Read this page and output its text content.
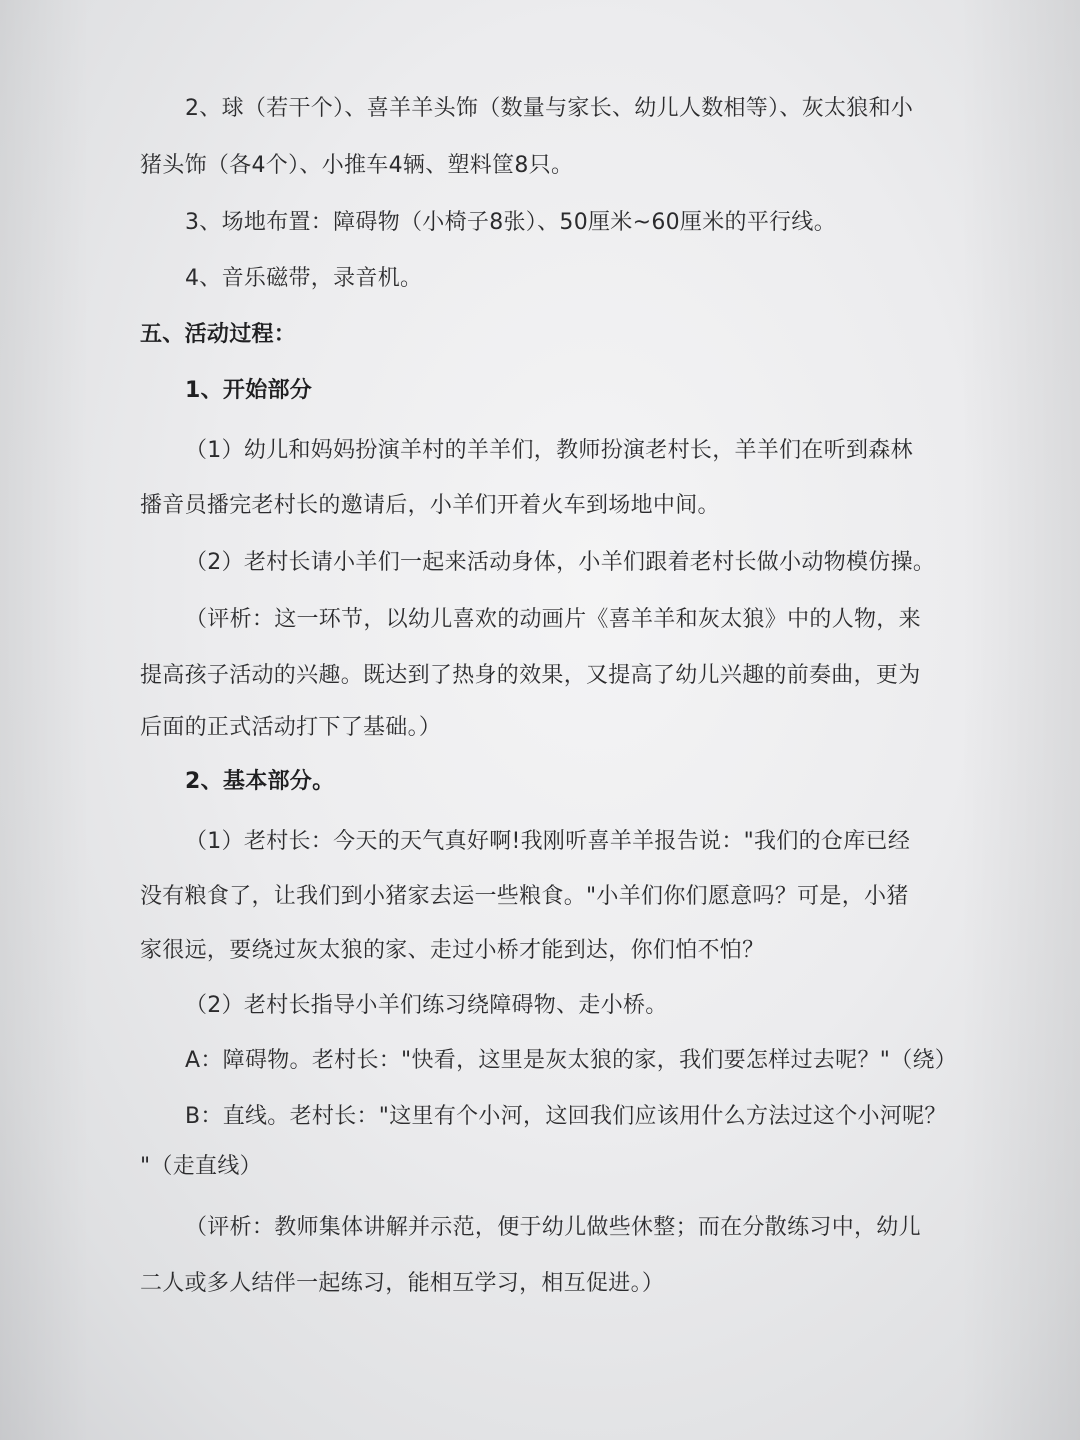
2、球（若干个）、喜羊羊头饰（数量与家长、幼儿人数相等）、灰太狼和小

猪头饰（各4个）、小推车4辆、塑料筐8只。

3、场地布置：障碍物（小椅子8张）、50厘米~60厘米的平行线。

4、音乐磁带，录音机。

五、活动过程：

1、开始部分

（1）幼儿和妈妈扮演羊村的羊羊们，教师扮演老村长，羊羊们在听到森林

播音员播完老村长的邀请后，小羊们开着火车到场地中间。

（2）老村长请小羊们一起来活动身体，小羊们跟着老村长做小动物模仿操。

（评析：这一环节，以幼儿喜欢的动画片《喜羊羊和灰太狼》中的人物，来

提高孩子活动的兴趣。既达到了热身的效果，又提高了幼儿兴趣的前奏曲，更为

后面的正式活动打下了基础。）

2、基本部分。

（1）老村长：今天的天气真好啊!我刚听喜羊羊报告说："我们的仓库已经

没有粮食了，让我们到小猪家去运一些粮食。"小羊们你们愿意吗？可是，小猪

家很远，要绕过灰太狼的家、走过小桥才能到达，你们怕不怕？

（2）老村长指导小羊们练习绕障碍物、走小桥。

A：障碍物。老村长："快看，这里是灰太狼的家，我们要怎样过去呢？"（绕）

B：直线。老村长："这里有个小河，这回我们应该用什么方法过这个小河呢？

"（走直线）

（评析：教师集体讲解并示范，便于幼儿做些休整；而在分散练习中，幼儿

二人或多人结伴一起练习，能相互学习，相互促进。）
